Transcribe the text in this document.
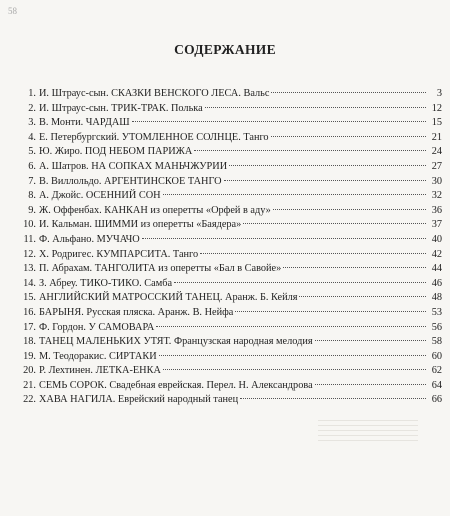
58
СОДЕРЖАНИЕ
1. И. Штраус-сын. СКАЗКИ ВЕНСКОГО ЛЕСА. Вальс	3
2. И. Штраус-сын. ТРИК-ТРАК. Полька	12
3. В. Монти. ЧАРДАШ	15
4. Е. Петербургский. УТОМЛЕННОЕ СОЛНЦЕ. Танго	21
5. Ю. Жиро. ПОД НЕБОМ ПАРИЖА	24
6. А. Шатров. НА СОПКАХ МАНЬЧЖУРИИ	27
7. В. Виллольдо. АРГЕНТИНСКОЕ ТАНГО	30
8. А. Джойс. ОСЕННИЙ СОН	32
9. Ж. Оффенбах. КАНКАН из оперетты «Орфей в аду»	36
10. И. Кальман. ШИММИ из оперетты «Баядера»	37
11. Ф. Альфано. МУЧАЧО	40
12. Х. Родригес. КУМПАРСИТА. Танго	42
13. П. Абрахам. ТАНГОЛИТА из оперетты «Бал в Савойе»	44
14. З. Абреу. ТИКО-ТИКО. Самба	46
15. АНГЛИЙСКИЙ МАТРОССКИЙ ТАНЕЦ. Аранж. Б. Кейля	48
16. БАРЫНЯ. Русская пляска. Аранж. В. Нейфа	53
17. Ф. Гордон. У САМОВАРА	56
18. ТАНЕЦ МАЛЕНЬКИХ УТЯТ. Французская народная мелодия	58
19. М. Теодоракис. СИРТАКИ	60
20. Р. Лехтинен. ЛЕТКА-ЕНКА	62
21. СЕМЬ СОРОК. Свадебная еврейская. Перел. Н. Александрова	64
22. ХАВА НАГИЛА. Еврейский народный танец	66
